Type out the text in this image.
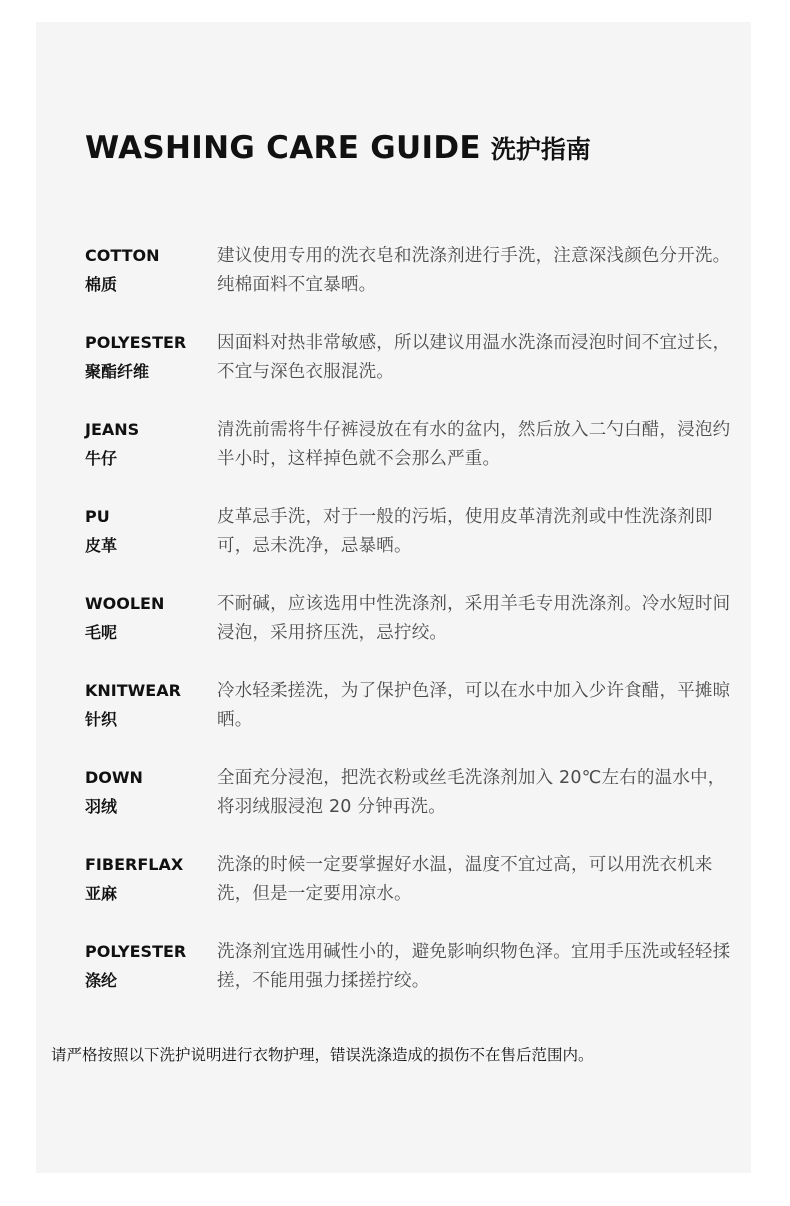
WASHING CARE GUIDE 洗护指南
COTTON
棉质

建议使用专用的洗衣皂和洗涤剂进行手洗，注意深浅颜色分开洗。纯棉面料不宜暴晒。

POLYESTER
聚酯纤维

因面料对热非常敏感，所以建议用温水洗涤而浸泡时间不宜过长，不宜与深色衣服混洗。

JEANS
牛仔

清洗前需将牛仔裤浸放在有水的盆内，然后放入二勺白醋，浸泡约半小时，这样掉色就不会那么严重。

PU
皮革

皮革忌手洗，对于一般的污垢，使用皮革清洗剂或中性洗涤剂即可，忌未洗净，忌暴晒。

WOOLEN
毛呢

不耐碱，应该选用中性洗涤剂，采用羊毛专用洗涤剂。冷水短时间浸泡，采用挤压洗，忌拧绞。

KNITWEAR
针织

冷水轻柔搓洗，为了保护色泽，可以在水中加入少许食醋，平摊晾晒。

DOWN
羽绒

全面充分浸泡，把洗衣粉或丝毛洗涤剂加入 20℃左右的温水中，将羽绒服浸泡 20 分钟再洗。

FIBERFLAX
亚麻

洗涤的时候一定要掌握好水温，温度不宜过高，可以用洗衣机来洗，但是一定要用凉水。

POLYESTER
涤纶

洗涤剂宜选用碱性小的，避免影响织物色泽。宜用手压洗或轻轻揉搓，不能用强力揉搓拧绞。

请严格按照以下洗护说明进行衣物护理，错误洗涤造成的损伤不在售后范围内。
